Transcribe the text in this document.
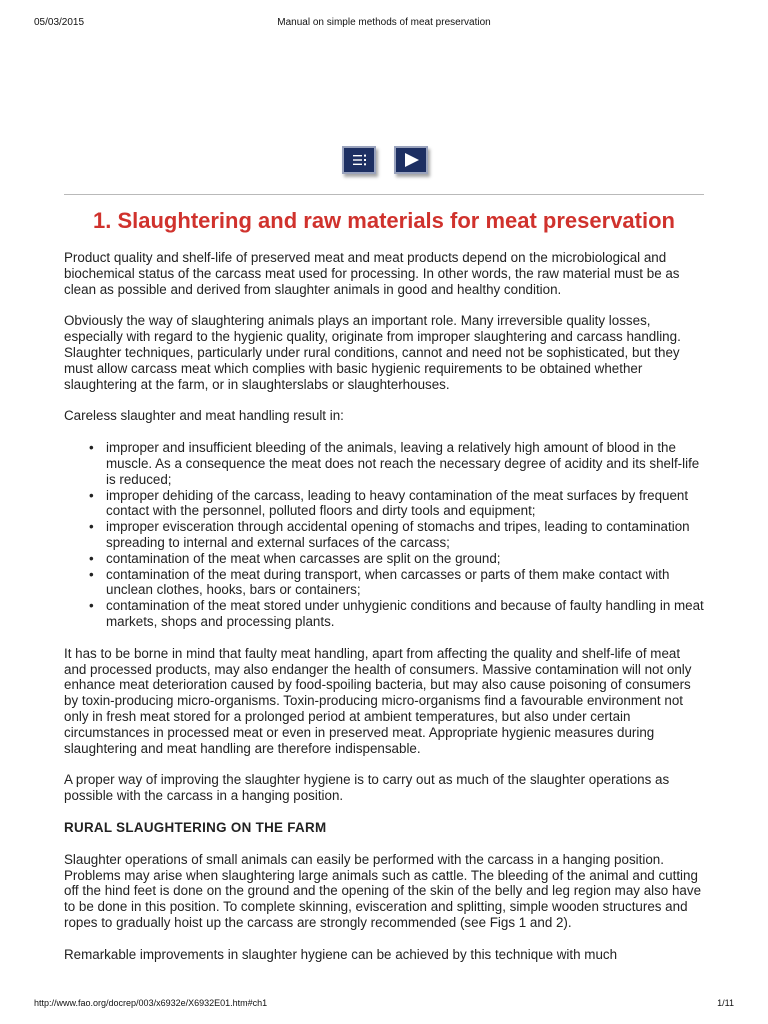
05/03/2015	Manual on simple methods of meat preservation
1. Slaughtering and raw materials for meat preservation

Product quality and shelf-life of preserved meat and meat products depend on the microbiological and biochemical status of the carcass meat used for processing. In other words, the raw material must be as clean as possible and derived from slaughter animals in good and healthy condition.

Obviously the way of slaughtering animals plays an important role. Many irreversible quality losses, especially with regard to the hygienic quality, originate from improper slaughtering and carcass handling. Slaughter techniques, particularly under rural conditions, cannot and need not be sophisticated, but they must allow carcass meat which complies with basic hygienic requirements to be obtained whether slaughtering at the farm, or in slaughterslabs or slaughterhouses.

Careless slaughter and meat handling result in:

• improper and insufficient bleeding of the animals, leaving a relatively high amount of blood in the muscle. As a consequence the meat does not reach the necessary degree of acidity and its shelf-life is reduced;
• improper dehiding of the carcass, leading to heavy contamination of the meat surfaces by frequent contact with the personnel, polluted floors and dirty tools and equipment;
• improper evisceration through accidental opening of stomachs and tripes, leading to contamination spreading to internal and external surfaces of the carcass;
• contamination of the meat when carcasses are split on the ground;
• contamination of the meat during transport, when carcasses or parts of them make contact with unclean clothes, hooks, bars or containers;
• contamination of the meat stored under unhygienic conditions and because of faulty handling in meat markets, shops and processing plants.

It has to be borne in mind that faulty meat handling, apart from affecting the quality and shelf-life of meat and processed products, may also endanger the health of consumers. Massive contamination will not only enhance meat deterioration caused by food-spoiling bacteria, but may also cause poisoning of consumers by toxin-producing micro-organisms. Toxin-producing micro-organisms find a favourable environment not only in fresh meat stored for a prolonged period at ambient temperatures, but also under certain circumstances in processed meat or even in preserved meat. Appropriate hygienic measures during slaughtering and meat handling are therefore indispensable.

A proper way of improving the slaughter hygiene is to carry out as much of the slaughter operations as possible with the carcass in a hanging position.

RURAL SLAUGHTERING ON THE FARM

Slaughter operations of small animals can easily be performed with the carcass in a hanging position. Problems may arise when slaughtering large animals such as cattle. The bleeding of the animal and cutting off the hind feet is done on the ground and the opening of the skin of the belly and leg region may also have to be done in this position. To complete skinning, evisceration and splitting, simple wooden structures and ropes to gradually hoist up the carcass are strongly recommended (see Figs 1 and 2).

Remarkable improvements in slaughter hygiene can be achieved by this technique with much

http://www.fao.org/docrep/003/x6932e/X6932E01.htm#ch1	1/11
